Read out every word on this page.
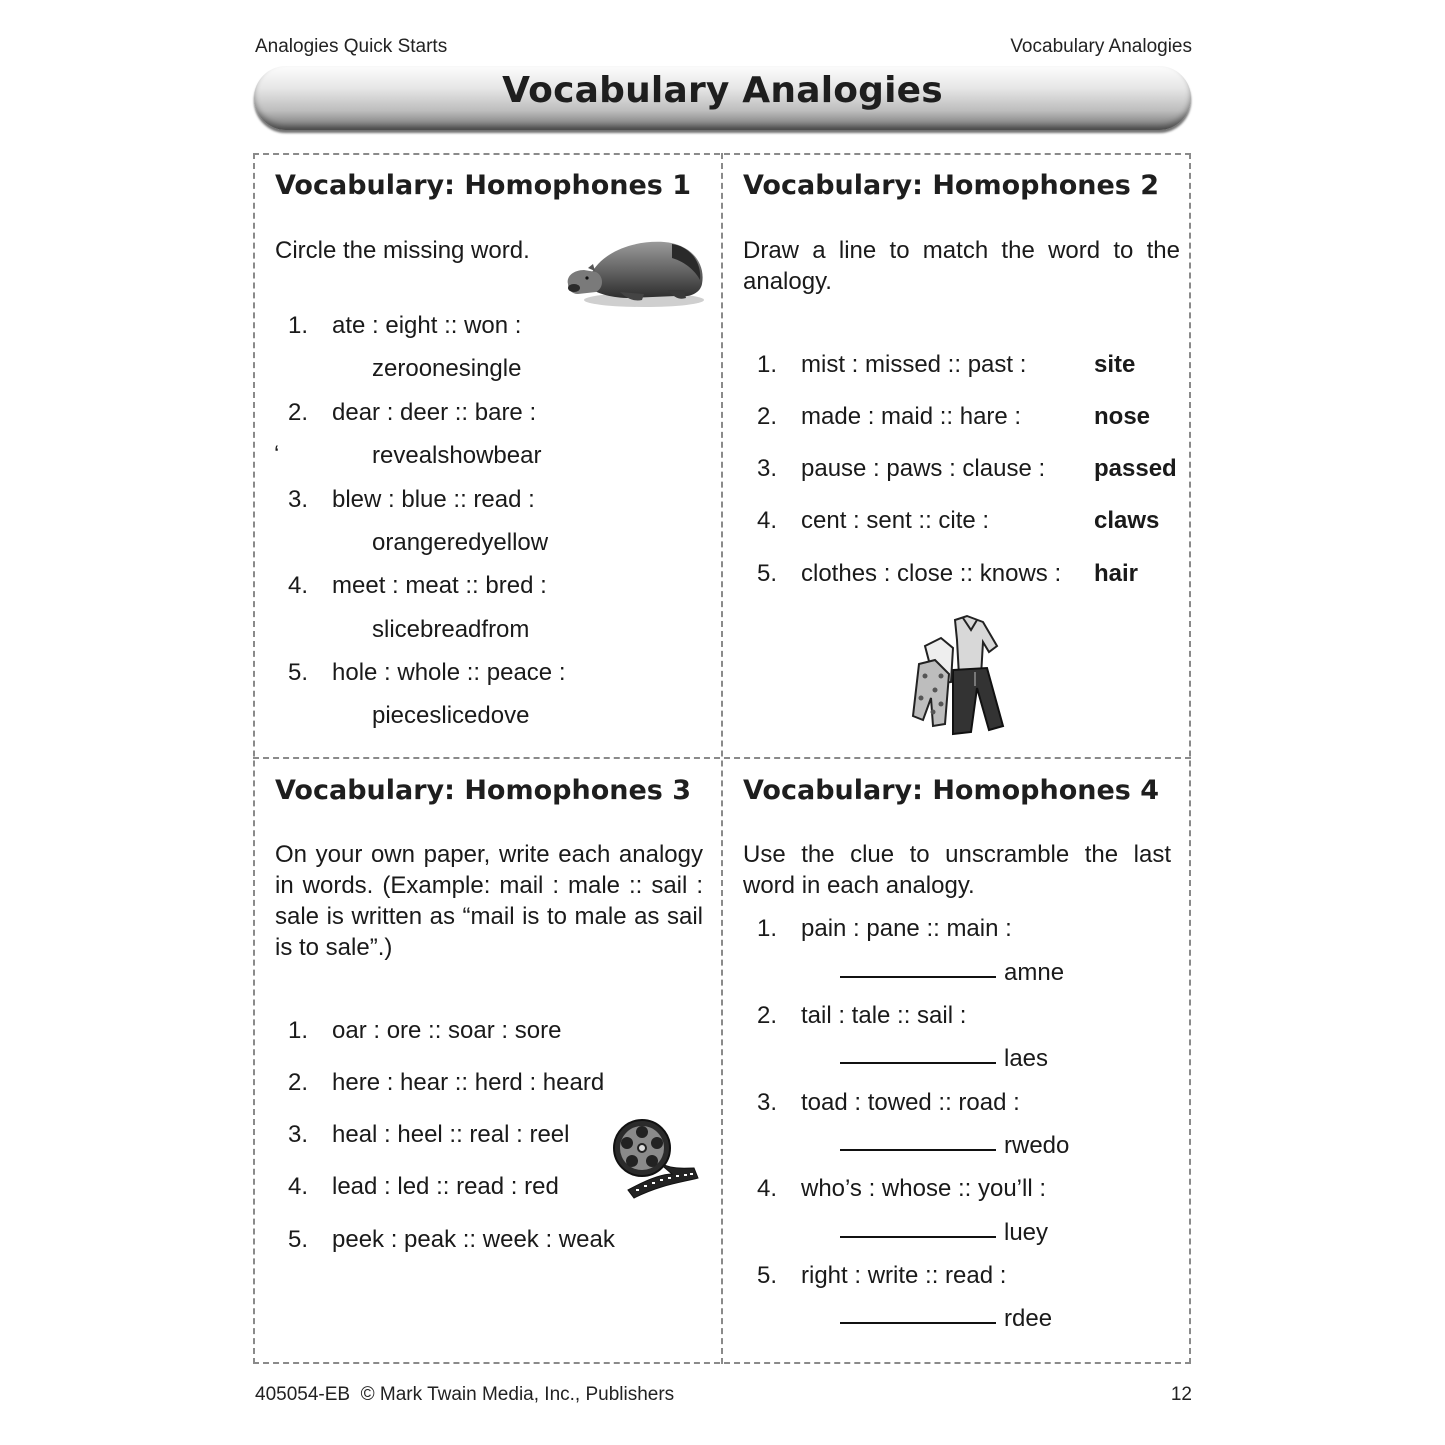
Analogies Quick Starts	Vocabulary Analogies
Vocabulary Analogies
Vocabulary: Homophones 1
Circle the missing word.
‘
1. ate : eight :: won :
zeroonesingle
2. dear : deer :: bare :
revealshowbear
3. blew : blue :: read :
orangeredyellow
4. meet : meat :: bred :
slicebreadfrom
5. hole : whole :: peace :
pieceslicedove
Vocabulary: Homophones 2
Draw a line to match the word to the analogy.
1. mist : missed :: past :	site
2. made : maid :: hare :	nose
3. pause : paws : clause : passed
4. cent : sent :: cite :	claws
5. clothes : close :: knows : hair
Vocabulary: Homophones 3
On your own paper, write each analogy in words. (Example: mail : male :: sail : sale is written as “mail is to male as sail is to sale”.)
1. oar : ore :: soar : sore
2. here : hear :: herd : heard
3. heal : heel :: real : reel
4. lead : led :: read : red
5. peek : peak :: week : weak
Vocabulary: Homophones 4
Use the clue to unscramble the last word in each analogy.
1. pain : pane :: main :
amne
2. tail : tale :: sail :
laes
3. toad : towed :: road :
rwedo
4. who’s : whose :: you’ll :
luey
5. right : write :: read :
rdee
405054-EB  © Mark Twain Media, Inc., Publishers	12
